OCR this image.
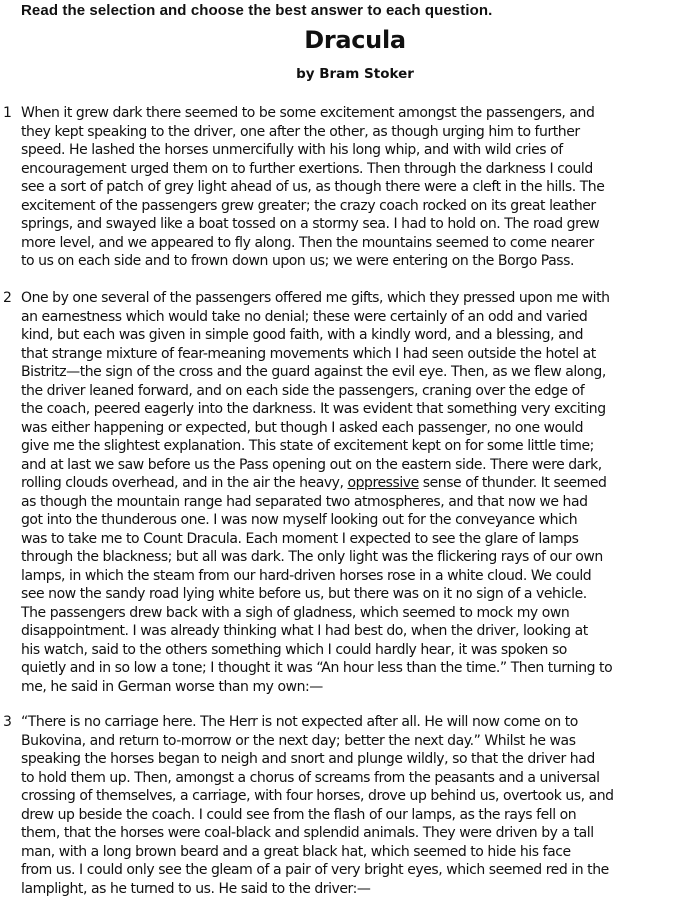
Read the selection and choose the best answer to each question.
Dracula
by Bram Stoker
1 When it grew dark there seemed to be some excitement amongst the passengers, and
they kept speaking to the driver, one after the other, as though urging him to further
speed. He lashed the horses unmercifully with his long whip, and with wild cries of
encouragement urged them on to further exertions. Then through the darkness I could
see a sort of patch of grey light ahead of us, as though there were a cleft in the hills. The
excitement of the passengers grew greater; the crazy coach rocked on its great leather
springs, and swayed like a boat tossed on a stormy sea. I had to hold on. The road grew
more level, and we appeared to fly along. Then the mountains seemed to come nearer
to us on each side and to frown down upon us; we were entering on the Borgo Pass.
2 One by one several of the passengers offered me gifts, which they pressed upon me with
an earnestness which would take no denial; these were certainly of an odd and varied
kind, but each was given in simple good faith, with a kindly word, and a blessing, and
that strange mixture of fear-meaning movements which I had seen outside the hotel at
Bistritz—the sign of the cross and the guard against the evil eye. Then, as we flew along,
the driver leaned forward, and on each side the passengers, craning over the edge of
the coach, peered eagerly into the darkness. It was evident that something very exciting
was either happening or expected, but though I asked each passenger, no one would
give me the slightest explanation. This state of excitement kept on for some little time;
and at last we saw before us the Pass opening out on the eastern side. There were dark,
rolling clouds overhead, and in the air the heavy, oppressive sense of thunder. It seemed
as though the mountain range had separated two atmospheres, and that now we had
got into the thunderous one. I was now myself looking out for the conveyance which
was to take me to Count Dracula. Each moment I expected to see the glare of lamps
through the blackness; but all was dark. The only light was the flickering rays of our own
lamps, in which the steam from our hard-driven horses rose in a white cloud. We could
see now the sandy road lying white before us, but there was on it no sign of a vehicle.
The passengers drew back with a sigh of gladness, which seemed to mock my own
disappointment. I was already thinking what I had best do, when the driver, looking at
his watch, said to the others something which I could hardly hear, it was spoken so
quietly and in so low a tone; I thought it was “An hour less than the time.” Then turning to
me, he said in German worse than my own:—
3 “There is no carriage here. The Herr is not expected after all. He will now come on to
Bukovina, and return to-morrow or the next day; better the next day.” Whilst he was
speaking the horses began to neigh and snort and plunge wildly, so that the driver had
to hold them up. Then, amongst a chorus of screams from the peasants and a universal
crossing of themselves, a carriage, with four horses, drove up behind us, overtook us, and
drew up beside the coach. I could see from the flash of our lamps, as the rays fell on
them, that the horses were coal-black and splendid animals. They were driven by a tall
man, with a long brown beard and a great black hat, which seemed to hide his face
from us. I could only see the gleam of a pair of very bright eyes, which seemed red in the
lamplight, as he turned to us. He said to the driver:—
